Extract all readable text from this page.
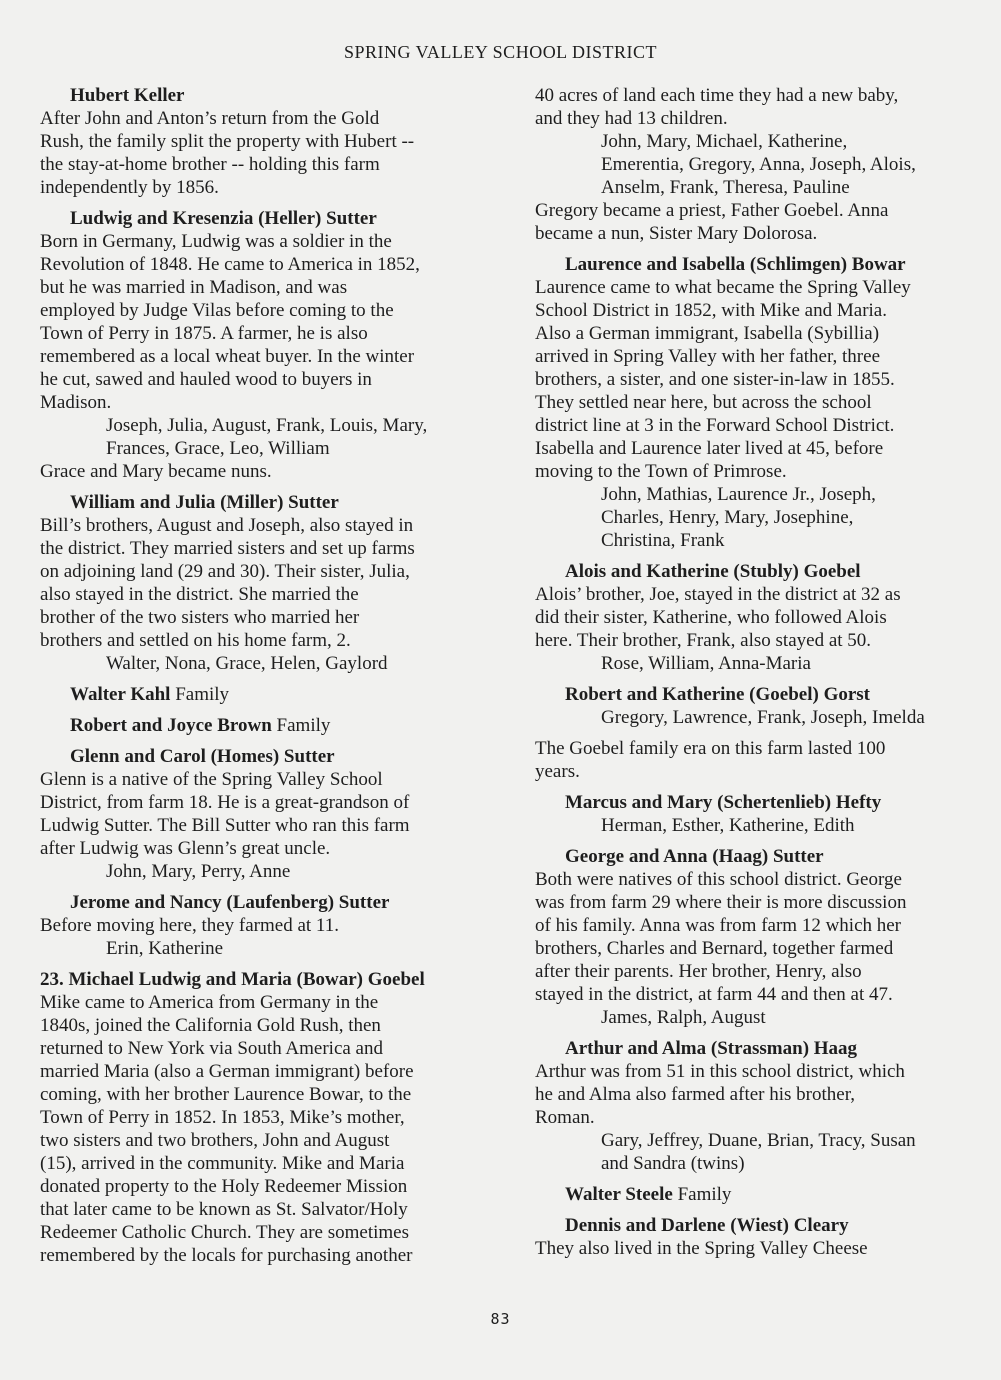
SPRING VALLEY SCHOOL DISTRICT
Hubert Keller
After John and Anton’s return from the Gold
Rush, the family split the property with Hubert --
the stay-at-home brother -- holding this farm
independently by 1856.
Ludwig and Kresenzia (Heller) Sutter
Born in Germany, Ludwig was a soldier in the
Revolution of 1848. He came to America in 1852,
but he was married in Madison, and was
employed by Judge Vilas before coming to the
Town of Perry in 1875. A farmer, he is also
remembered as a local wheat buyer. In the winter
he cut, sawed and hauled wood to buyers in
Madison.
Joseph, Julia, August, Frank, Louis, Mary,
Frances, Grace, Leo, William
Grace and Mary became nuns.
William and Julia (Miller) Sutter
Bill’s brothers, August and Joseph, also stayed in
the district. They married sisters and set up farms
on adjoining land (29 and 30). Their sister, Julia,
also stayed in the district. She married the
brother of the two sisters who married her
brothers and settled on his home farm, 2.
Walter, Nona, Grace, Helen, Gaylord
Walter Kahl Family
Robert and Joyce Brown Family
Glenn and Carol (Homes) Sutter
Glenn is a native of the Spring Valley School
District, from farm 18. He is a great-grandson of
Ludwig Sutter. The Bill Sutter who ran this farm
after Ludwig was Glenn’s great uncle.
John, Mary, Perry, Anne
Jerome and Nancy (Laufenberg) Sutter
Before moving here, they farmed at 11.
Erin, Katherine
23. Michael Ludwig and Maria (Bowar) Goebel
Mike came to America from Germany in the
1840s, joined the California Gold Rush, then
returned to New York via South America and
married Maria (also a German immigrant) before
coming, with her brother Laurence Bowar, to the
Town of Perry in 1852. In 1853, Mike’s mother,
two sisters and two brothers, John and August
(15), arrived in the community. Mike and Maria
donated property to the Holy Redeemer Mission
that later came to be known as St. Salvator/Holy
Redeemer Catholic Church. They are sometimes
remembered by the locals for purchasing another
40 acres of land each time they had a new baby,
and they had 13 children.
John, Mary, Michael, Katherine,
Emerentia, Gregory, Anna, Joseph, Alois,
Anselm, Frank, Theresa, Pauline
Gregory became a priest, Father Goebel. Anna
became a nun, Sister Mary Dolorosa.
Laurence and Isabella (Schlimgen) Bowar
Laurence came to what became the Spring Valley
School District in 1852, with Mike and Maria.
Also a German immigrant, Isabella (Sybillia)
arrived in Spring Valley with her father, three
brothers, a sister, and one sister-in-law in 1855.
They settled near here, but across the school
district line at 3 in the Forward School District.
Isabella and Laurence later lived at 45, before
moving to the Town of Primrose.
John, Mathias, Laurence Jr., Joseph,
Charles, Henry, Mary, Josephine,
Christina, Frank
Alois and Katherine (Stubly) Goebel
Alois’ brother, Joe, stayed in the district at 32 as
did their sister, Katherine, who followed Alois
here. Their brother, Frank, also stayed at 50.
Rose, William, Anna-Maria
Robert and Katherine (Goebel) Gorst
Gregory, Lawrence, Frank, Joseph, Imelda
The Goebel family era on this farm lasted 100
years.
Marcus and Mary (Schertenlieb) Hefty
Herman, Esther, Katherine, Edith
George and Anna (Haag) Sutter
Both were natives of this school district. George
was from farm 29 where their is more discussion
of his family. Anna was from farm 12 which her
brothers, Charles and Bernard, together farmed
after their parents. Her brother, Henry, also
stayed in the district, at farm 44 and then at 47.
James, Ralph, August
Arthur and Alma (Strassman) Haag
Arthur was from 51 in this school district, which
he and Alma also farmed after his brother,
Roman.
Gary, Jeffrey, Duane, Brian, Tracy, Susan
and Sandra (twins)
Walter Steele Family
Dennis and Darlene (Wiest) Cleary
They also lived in the Spring Valley Cheese
83
